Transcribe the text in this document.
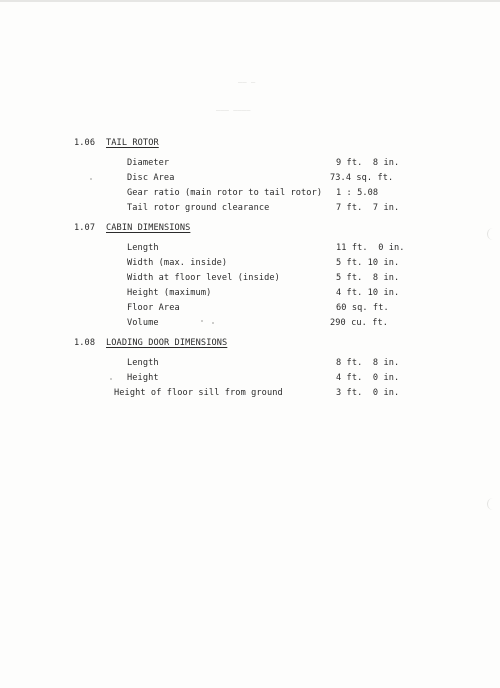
—— —
——— ————
1.06 TAIL ROTOR
Diameter	9 ft.  8 in.
Disc Area	73.4 sq. ft.
Gear ratio (main rotor to tail rotor) 1 : 5.08
Tail rotor ground clearance	7 ft.  7 in.
1.07 CABIN DIMENSIONS
Length	11 ft.  0 in.
Width (max. inside)	5 ft. 10 in.
Width at floor level (inside)	5 ft.  8 in.
Height (maximum)	4 ft. 10 in.
Floor Area	60 sq. ft.
Volume	290 cu. ft.
1.08 LOADING DOOR DIMENSIONS
Length	8 ft.  8 in.
Height	4 ft.  0 in.
Height of floor sill from ground	3 ft.  0 in.
